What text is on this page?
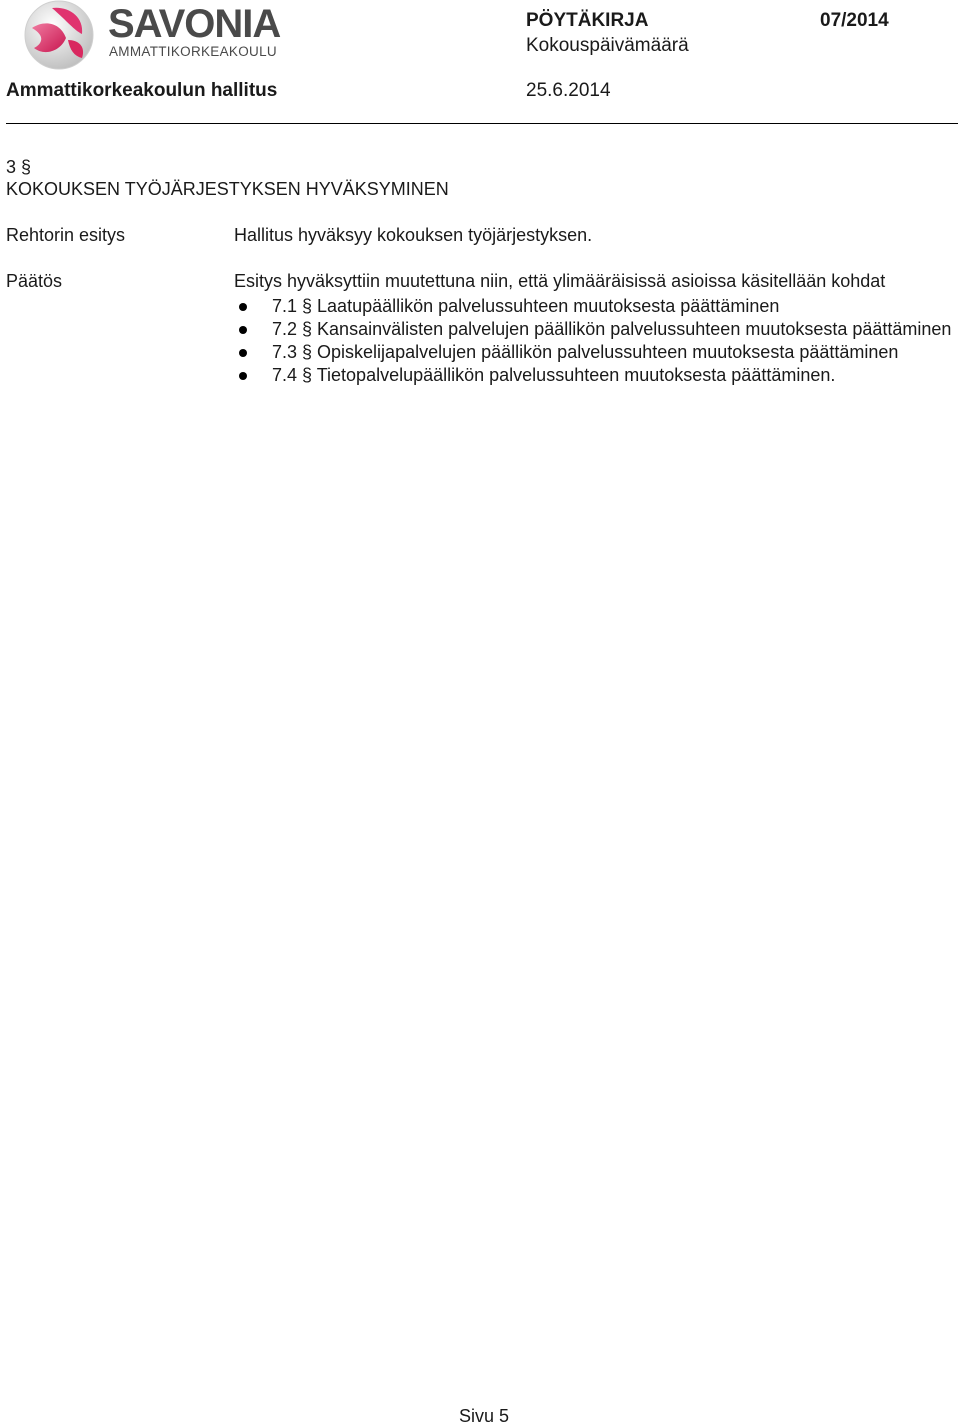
SAVONIA
AMMATTIKORKEAKOULU
PÖYTÄKIRJA	07/2014
Kokouspäivämäärä
Ammattikorkeakoulun hallitus	25.6.2014
3 §
KOKOUKSEN TYÖJÄRJESTYKSEN HYVÄKSYMINEN
Rehtorin esitys	Hallitus hyväksyy kokouksen työjärjestyksen.
Päätös	Esitys hyväksyttiin muutettuna niin, että ylimääräisissä asioissa käsitellään kohdat
7.1 § Laatupäällikön palvelussuhteen muutoksesta päättäminen
7.2 § Kansainvälisten palvelujen päällikön palvelussuhteen muutoksesta päättäminen
7.3 § Opiskelijapalvelujen päällikön palvelussuhteen muutoksesta päättäminen
7.4 § Tietopalvelupäällikön palvelussuhteen muutoksesta päättäminen.
Sivu 5
